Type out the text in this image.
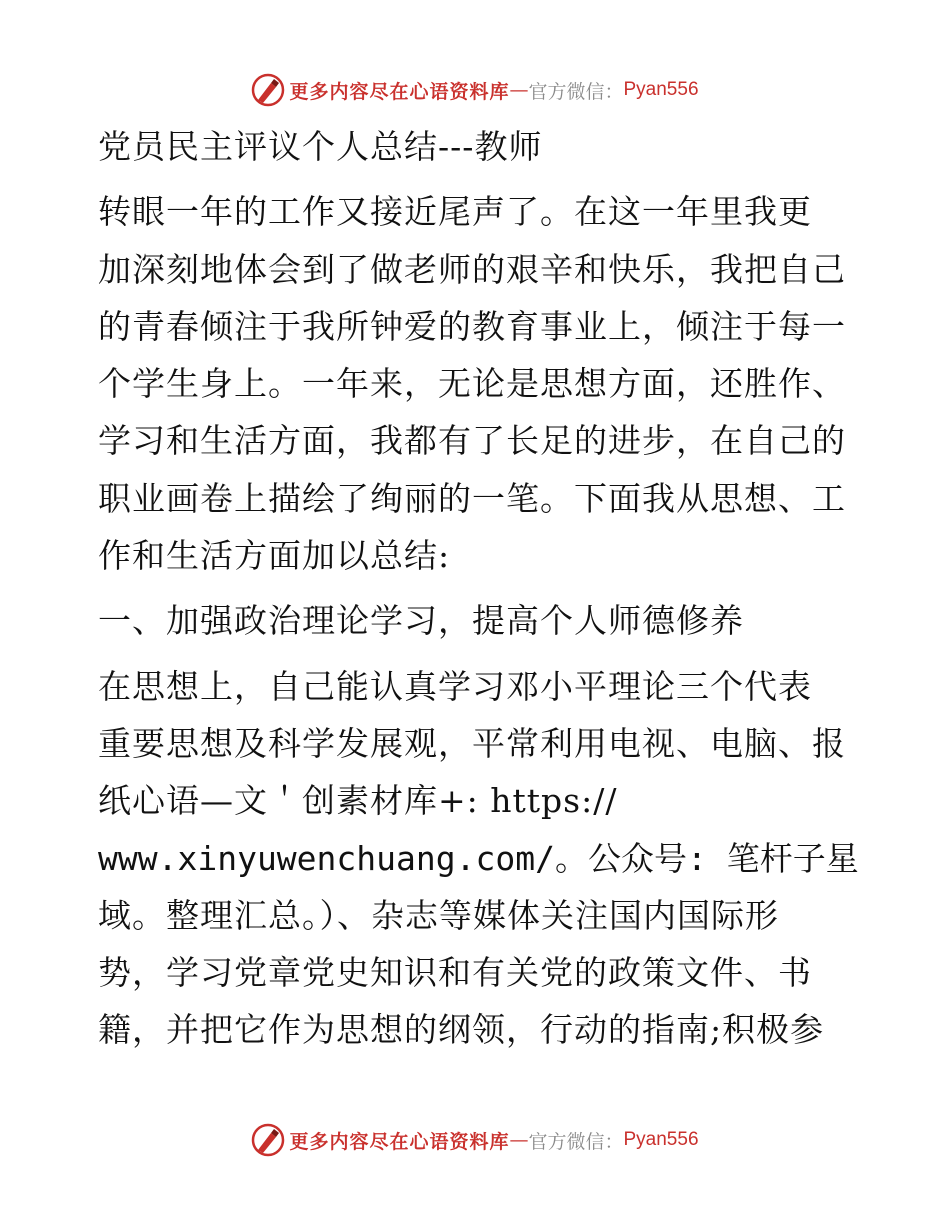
更多内容尽在心语资料库 — 官方微信： Pyan556
党员民主评议个人总结---教师
转眼一年的工作又接近尾声了。在这一年里我更
加深刻地体会到了做老师的艰辛和快乐，我把自己
的青春倾注于我所钟爱的教育事业上，倾注于每一
个学生身上。一年来，无论是思想方面，还胜作、
学习和生活方面，我都有了长足的进步，在自己的
职业画卷上描绘了绚丽的一笔。下面我从思想、工
作和生活方面加以总结:
一、加强政治理论学习，提高个人师德修养
在思想上，自己能认真学习邓小平理论三个代表
重要思想及科学发展观，平常利用电视、电脑、报
纸心语—文＇创素材库+: https://
www.xinyuwenchuang.com/。公众号: 笔杆子星
域。整理汇总。）、杂志等媒体关注国内国际形
势，学习党章党史知识和有关党的政策文件、书
籍，并把它作为思想的纲领，行动的指南;积极参
更多内容尽在心语资料库 — 官方微信： Pyan556
